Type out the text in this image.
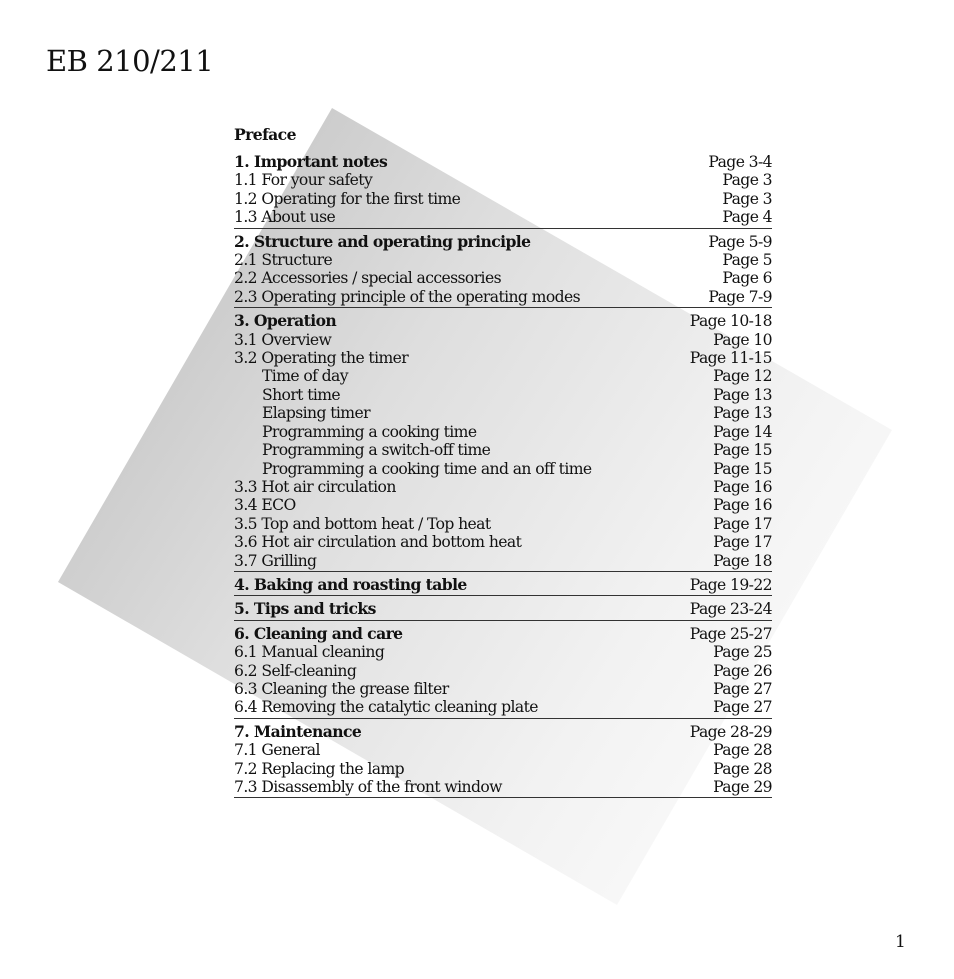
EB 210/211
Preface
1. Important notes	Page 3-4
1.1 For your safety	Page 3
1.2 Operating for the first time	Page 3
1.3 About use	Page 4
2. Structure and operating principle	Page 5-9
2.1 Structure	Page 5
2.2 Accessories / special accessories	Page 6
2.3 Operating principle of the operating modes	Page 7-9
3. Operation	Page 10-18
3.1 Overview	Page 10
3.2 Operating the timer	Page 11-15
Time of day	Page 12
Short time	Page 13
Elapsing timer	Page 13
Programming a cooking time	Page 14
Programming a switch-off time	Page 15
Programming a cooking time and an off time	Page 15
3.3 Hot air circulation	Page 16
3.4 ECO	Page 16
3.5 Top and bottom heat / Top heat	Page 17
3.6 Hot air circulation and bottom heat	Page 17
3.7 Grilling	Page 18
4. Baking and roasting table	Page 19-22
5. Tips and tricks	Page 23-24
6. Cleaning and care	Page 25-27
6.1 Manual cleaning	Page 25
6.2 Self-cleaning	Page 26
6.3 Cleaning the grease filter	Page 27
6.4 Removing the catalytic cleaning plate	Page 27
7. Maintenance	Page 28-29
7.1 General	Page 28
7.2 Replacing the lamp	Page 28
7.3 Disassembly of the front window	Page 29
1
